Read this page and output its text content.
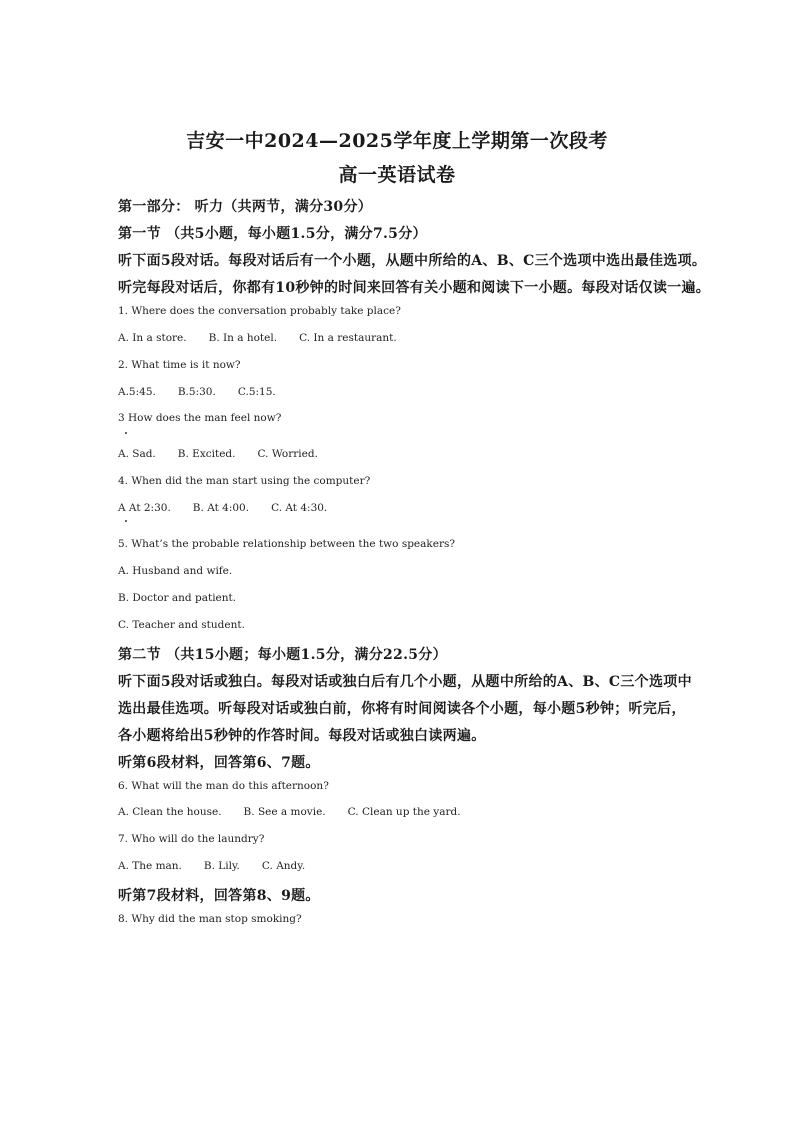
吉安一中2024—2025学年度上学期第一次段考

高一英语试卷

第一部分： 听力（共两节，满分30分）

第一节 （共5小题，每小题1.5分，满分7.5分）

听下面5段对话。每段对话后有一个小题，从题中所给的A、B、C三个选项中选出最佳选项。

听完每段对话后，你都有10秒钟的时间来回答有关小题和阅读下一小题。每段对话仅读一遍。

1. Where does the conversation probably take place?

A. In a store. B. In a hotel. C. In a restaurant.

2. What time is it now?

A.5:45. B.5:30. C.5:15.

3 How does the man feel now?

A. Sad. B. Excited. C. Worried.

4. When did the man start using the computer?

A At 2:30. B. At 4:00. C. At 4:30.

5. What’s the probable relationship between the two speakers?

A. Husband and wife.

B. Doctor and patient.

C. Teacher and student.

第二节 （共15小题；每小题1.5分，满分22.5分）

听下面5段对话或独白。每段对话或独白后有几个小题，从题中所给的A、B、C三个选项中

选出最佳选项。听每段对话或独白前，你将有时间阅读各个小题，每小题5秒钟；听完后，

各小题将给出5秒钟的作答时间。每段对话或独白读两遍。

听第6段材料，回答第6、7题。

6. What will the man do this afternoon?

A. Clean the house. B. See a movie. C. Clean up the yard.

7. Who will do the laundry?

A. The man. B. Lily. C. Andy.

听第7段材料，回答第8、9题。

8. Why did the man stop smoking?
